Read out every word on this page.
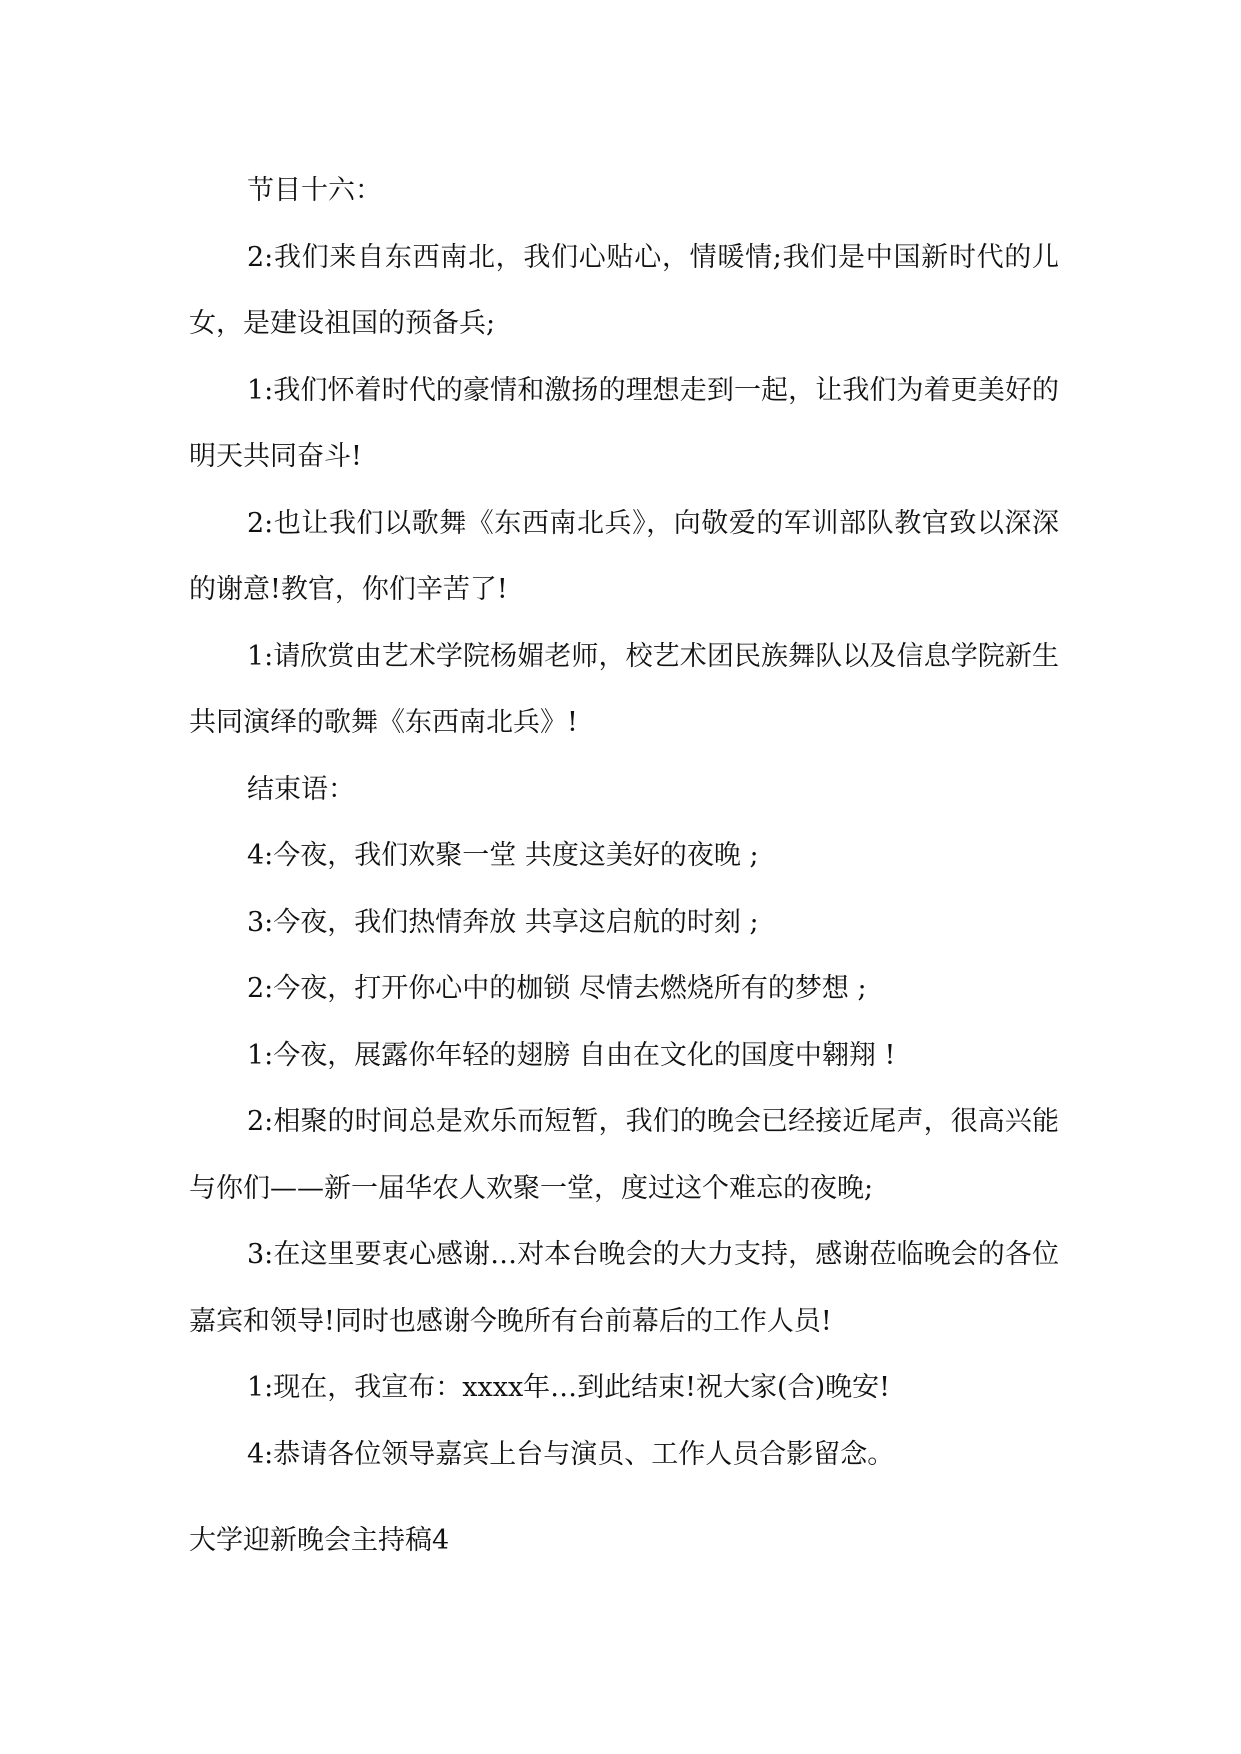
节目十六：

2:我们来自东西南北，我们心贴心，情暖情;我们是中国新时代的儿女，是建设祖国的预备兵;

1:我们怀着时代的豪情和激扬的理想走到一起，让我们为着更美好的明天共同奋斗!

2:也让我们以歌舞《东西南北兵》，向敬爱的军训部队教官致以深深的谢意!教官，你们辛苦了!

1:请欣赏由艺术学院杨媚老师，校艺术团民族舞队以及信息学院新生共同演绎的歌舞《东西南北兵》!

结束语：

4:今夜，我们欢聚一堂 共度这美好的夜晚 ;

3:今夜，我们热情奔放 共享这启航的时刻 ;

2:今夜，打开你心中的枷锁 尽情去燃烧所有的梦想 ;

1:今夜，展露你年轻的翅膀 自由在文化的国度中翱翔 !

2:相聚的时间总是欢乐而短暂，我们的晚会已经接近尾声，很高兴能与你们——新一届华农人欢聚一堂，度过这个难忘的夜晚;

3:在这里要衷心感谢…对本台晚会的大力支持，感谢莅临晚会的各位嘉宾和领导!同时也感谢今晚所有台前幕后的工作人员!

1:现在，我宣布：xxxx年…到此结束!祝大家(合)晚安!

4:恭请各位领导嘉宾上台与演员、工作人员合影留念。

大学迎新晚会主持稿4
